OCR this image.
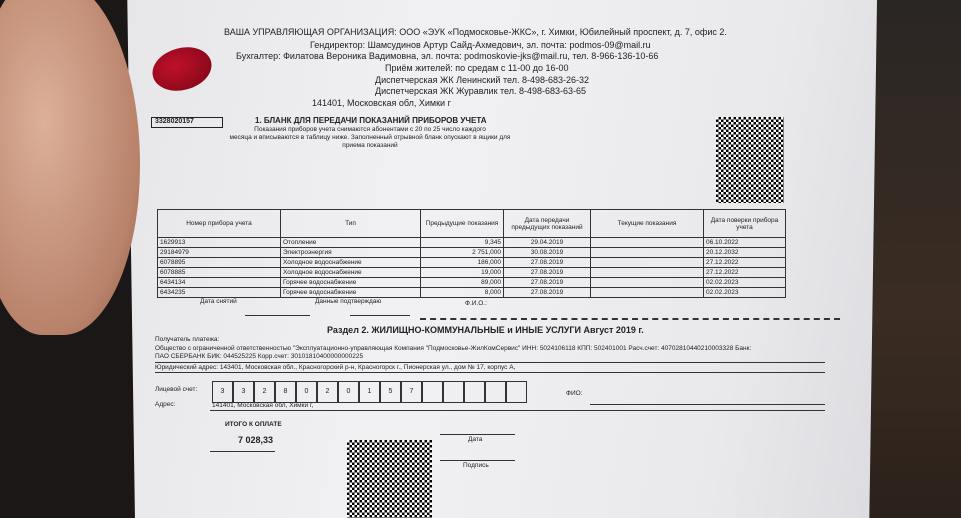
ВАША УПРАВЛЯЮЩАЯ ОРГАНИЗАЦИЯ: ООО «ЭУК «Подмосковье-ЖКС», г. Химки, Юбилейный проспект, д. 7, офис 2.
Гендиректор: Шамсудинов Артур Сайд-Ахмедович, эл. почта: podmos-09@mail.ru
Бухгалтер: Филатова Вероника Вадимовна, эл. почта: podmoskovie-jks@mail.ru, тел. 8-966-136-10-66
Приём жителей: по средам с 11-00 до 16-00
Диспетчерская ЖК Ленинский тел. 8-498-683-26-32
Диспетчерская ЖК Журавлик тел. 8-498-683-63-65
141401, Московская обл, Химки г
3328020157	1. БЛАНК ДЛЯ ПЕРЕДАЧИ ПОКАЗАНИЙ ПРИБОРОВ УЧЕТА
Показания приборов учета снимаются абонентами с 20 по 25 число каждого
месяца и вписываются в таблицу ниже. Заполненный отрывной бланк опускают в ящики для
приема показаний
Номер прибора учета	Тип	Предыдущие показания	Дата передачи предыдущих показаний	Текущие показания	Дата поверки прибора учета
1629913	Отопление	9,345	29.04.2019		06.10.2022
29184979	Электроэнергия	2 751,000	30.08.2019		20.12.2032
6078895	Холодное водоснабжение	186,000	27.08.2019		27.12.2022
6078885	Холодное водоснабжение	19,000	27.08.2019		27.12.2022
6434134	Горячее водоснабжение	89,000	27.08.2019		02.02.2023
6434235	Горячее водоснабжение	8,000	27.08.2019		02.02.2023
Дата снятий	Данные подтверждаю	Ф.И.О.:
Раздел 2. ЖИЛИЩНО-КОММУНАЛЬНЫЕ и ИНЫЕ УСЛУГИ Август 2019 г.
Получатель платежа:
Общество с ограниченной ответственностью "Эксплуатационно-управляющая Компания "Подмосковье-ЖилКомСервис" ИНН: 5024106118 КПП: 502401001 Расч.счет: 40702810440210003328 Банк:
ПАО СБЕРБАНК БИК: 044525225 Корр.счет: 30101810400000000225
Юридический адрес: 143401, Московская обл., Красногорский р-н, Красногорск г., Пионерская ул., дом № 17, корпус А,
Лицевой счет:	3	3	2	8	0	2	0	1	5	7	ФИО:
Адрес:	141401, Московская обл, Химки г,
ИТОГО К ОПЛАТЕ
7 028,33	Дата
Подпись
